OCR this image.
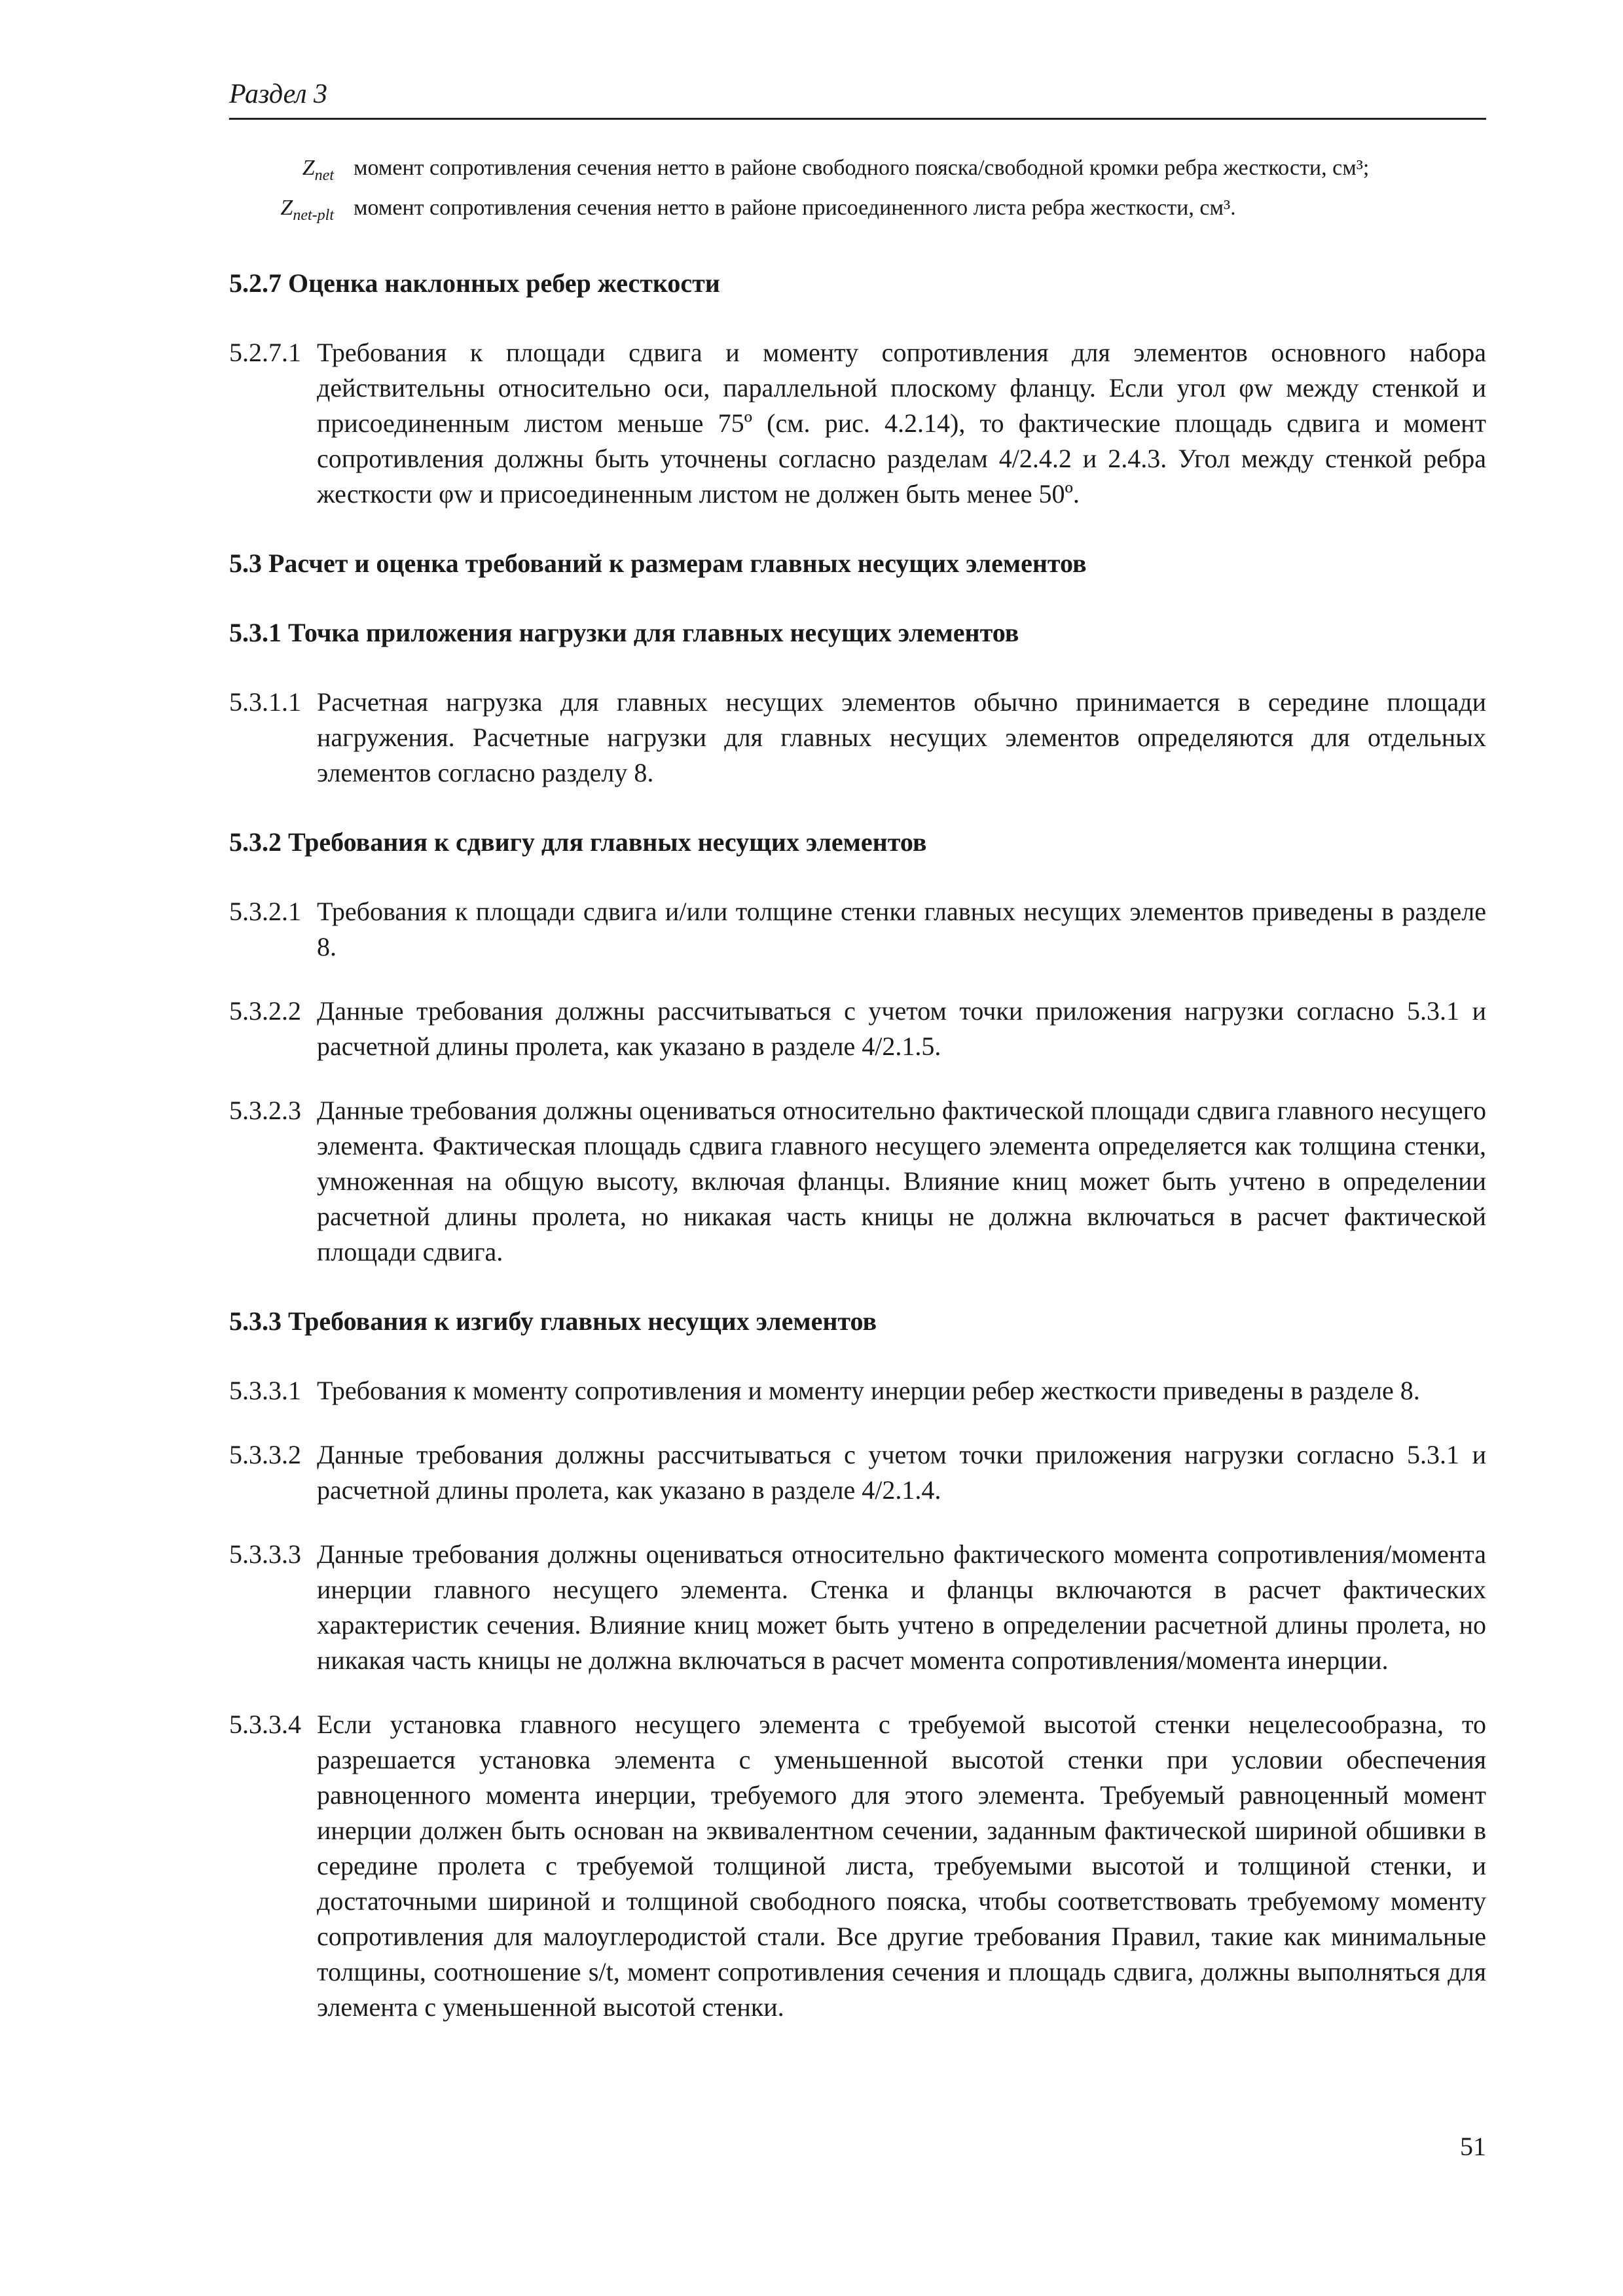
Раздел 3
$Z_{net}$ момент сопротивления сечения нетто в районе свободного пояска/свободной кромки ребра жесткости, см³;
$Z_{net-plt}$ момент сопротивления сечения нетто в районе присоединенного листа ребра жесткости, см³.
5.2.7 Оценка наклонных ребер жесткости

5.2.7.1 Требования к площади сдвига и моменту сопротивления для элементов основного набора действительны относительно оси, параллельной плоскому фланцу. Если угол φw между стенкой и присоединенным листом меньше 75º (см. рис. 4.2.14), то фактические площадь сдвига и момент сопротивления должны быть уточнены согласно разделам 4/2.4.2 и 2.4.3. Угол между стенкой ребра жесткости φw и присоединенным листом не должен быть менее 50º.

5.3 Расчет и оценка требований к размерам главных несущих элементов
5.3.1 Точка приложения нагрузки для главных несущих элементов

5.3.1.1 Расчетная нагрузка для главных несущих элементов обычно принимается в середине площади нагружения. Расчетные нагрузки для главных несущих элементов определяются для отдельных элементов согласно разделу 8.

5.3.2 Требования к сдвигу для главных несущих элементов

5.3.2.1 Требования к площади сдвига и/или толщине стенки главных несущих элементов приведены в разделе 8.

5.3.2.2 Данные требования должны рассчитываться с учетом точки приложения нагрузки согласно 5.3.1 и расчетной длины пролета, как указано в разделе 4/2.1.5.

5.3.2.3 Данные требования должны оцениваться относительно фактической площади сдвига главного несущего элемента. Фактическая площадь сдвига главного несущего элемента определяется как толщина стенки, умноженная на общую высоту, включая фланцы. Влияние книц может быть учтено в определении расчетной длины пролета, но никакая часть кницы не должна включаться в расчет фактической площади сдвига.

5.3.3 Требования к изгибу главных несущих элементов

5.3.3.1 Требования к моменту сопротивления и моменту инерции ребер жесткости приведены в разделе 8.

5.3.3.2 Данные требования должны рассчитываться с учетом точки приложения нагрузки согласно 5.3.1 и расчетной длины пролета, как указано в разделе 4/2.1.4.

5.3.3.3 Данные требования должны оцениваться относительно фактического момента сопротивления/момента инерции главного несущего элемента. Стенка и фланцы включаются в расчет фактических характеристик сечения. Влияние книц может быть учтено в определении расчетной длины пролета, но никакая часть кницы не должна включаться в расчет момента сопротивления/момента инерции.

5.3.3.4 Если установка главного несущего элемента с требуемой высотой стенки нецелесообразна, то разрешается установка элемента с уменьшенной высотой стенки при условии обеспечения равноценного момента инерции, требуемого для этого элемента. Требуемый равноценный момент инерции должен быть основан на эквивалентном сечении, заданным фактической шириной обшивки в середине пролета с требуемой толщиной листа, требуемыми высотой и толщиной стенки, и достаточными шириной и толщиной свободного пояска, чтобы соответствовать требуемому моменту сопротивления для малоуглеродистой стали. Все другие требования Правил, такие как минимальные толщины, соотношение s/t, момент сопротивления сечения и площадь сдвига, должны выполняться для элемента с уменьшенной высотой стенки.

51
